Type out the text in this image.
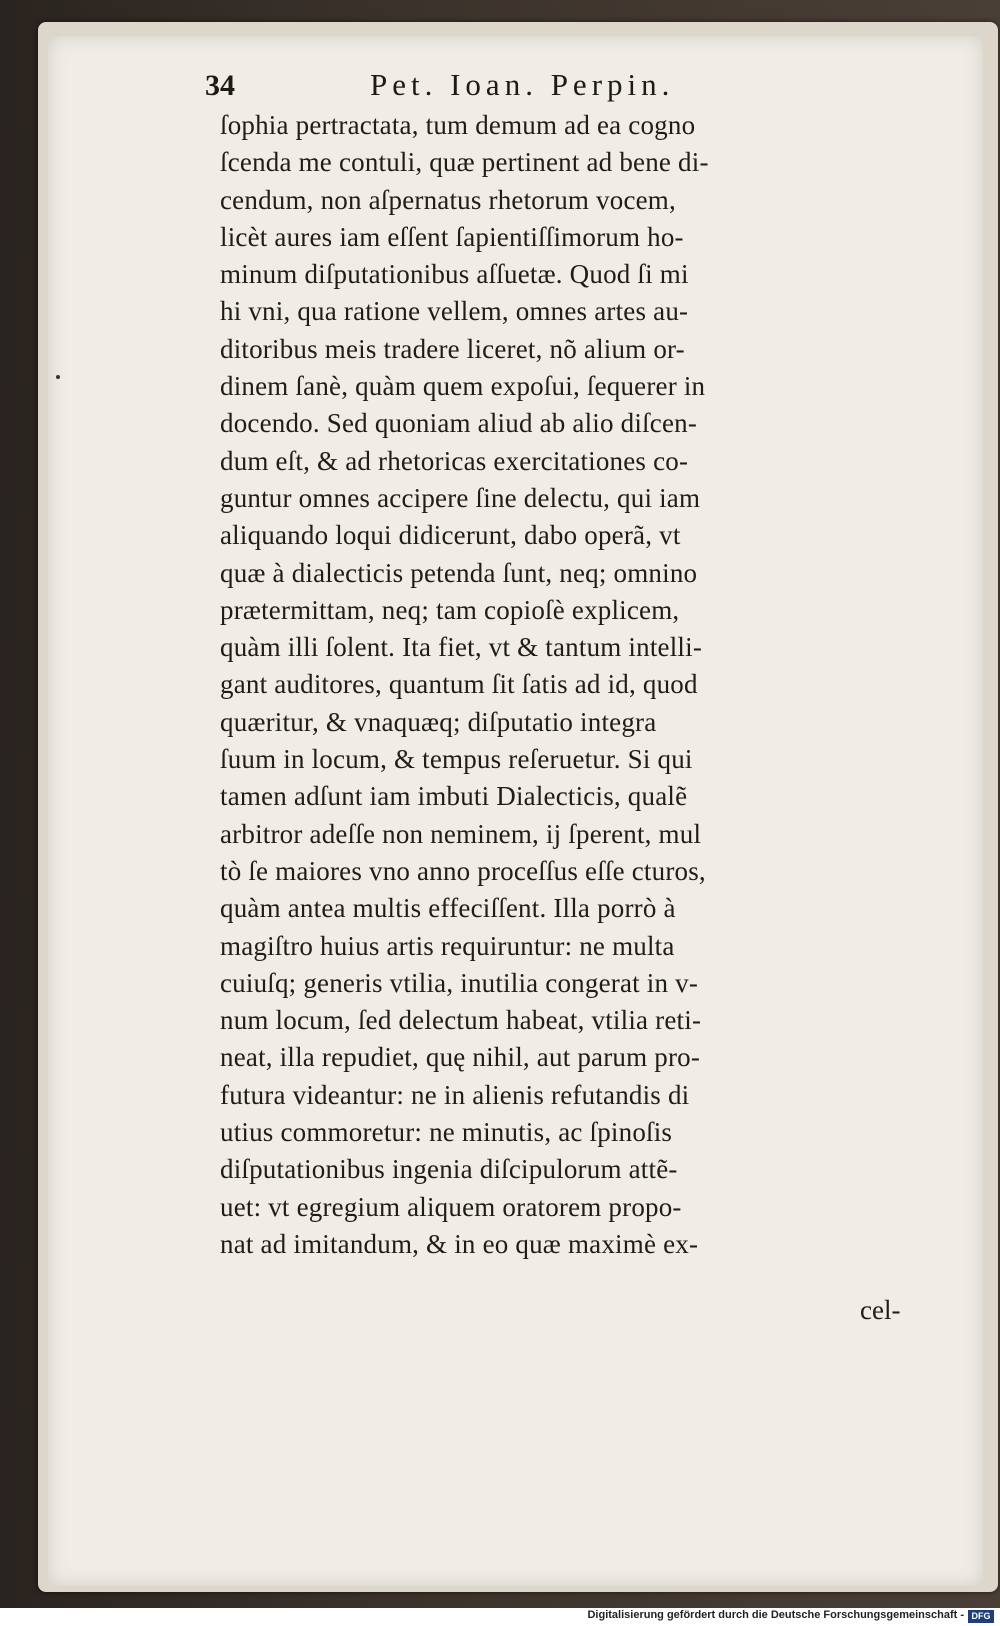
34	Pet. Ioan. Perpin.
ſophia pertractata, tum demum ad ea cogno
ſcenda me contuli, quæ pertinent ad bene di-
cendum, non aſpernatus rhetorum vocem,
licèt aures iam eſſent ſapientiſſimorum ho-
minum diſputationibus aſſuetæ. Quod ſi mi
hi vni, qua ratione vellem, omnes artes au-
ditoribus meis tradere liceret, nõ alium or-
dinem ſanè, quàm quem expoſui, ſequerer in
docendo. Sed quoniam aliud ab alio diſcen-
dum eſt, & ad rhetoricas exercitationes co-
guntur omnes accipere ſine delectu, qui iam
aliquando loqui didicerunt, dabo operã, vt
quæ à dialecticis petenda ſunt, neq; omnino
prætermittam, neq; tam copioſè explicem,
quàm illi ſolent. Ita fiet, vt & tantum intelli-
gant auditores, quantum ſit ſatis ad id, quod
quæritur, & vnaquæq; diſputatio integra
ſuum in locum, & tempus reſeruetur. Si qui
tamen adſunt iam imbuti Dialecticis, qualẽ
arbitror adeſſe non neminem, ij ſperent, mul
tò ſe maiores vno anno proceſſus eſſe cturos,
quàm antea multis effeciſſent. Illa porrò à
magiſtro huius artis requiruntur: ne multa
cuiuſq; generis vtilia, inutilia congerat in v-
num locum, ſed delectum habeat, vtilia reti-
neat, illa repudiet, quę nihil, aut parum pro-
futura videantur: ne in alienis refutandis di
utius commoretur: ne minutis, ac ſpinoſis
diſputationibus ingenia diſcipulorum attẽ-
uet: vt egregium aliquem oratorem propo-
nat ad imitandum, & in eo quæ maximè ex-
cel-
Digitalisierung gefördert durch die Deutsche Forschungsgemeinschaft - DFG
